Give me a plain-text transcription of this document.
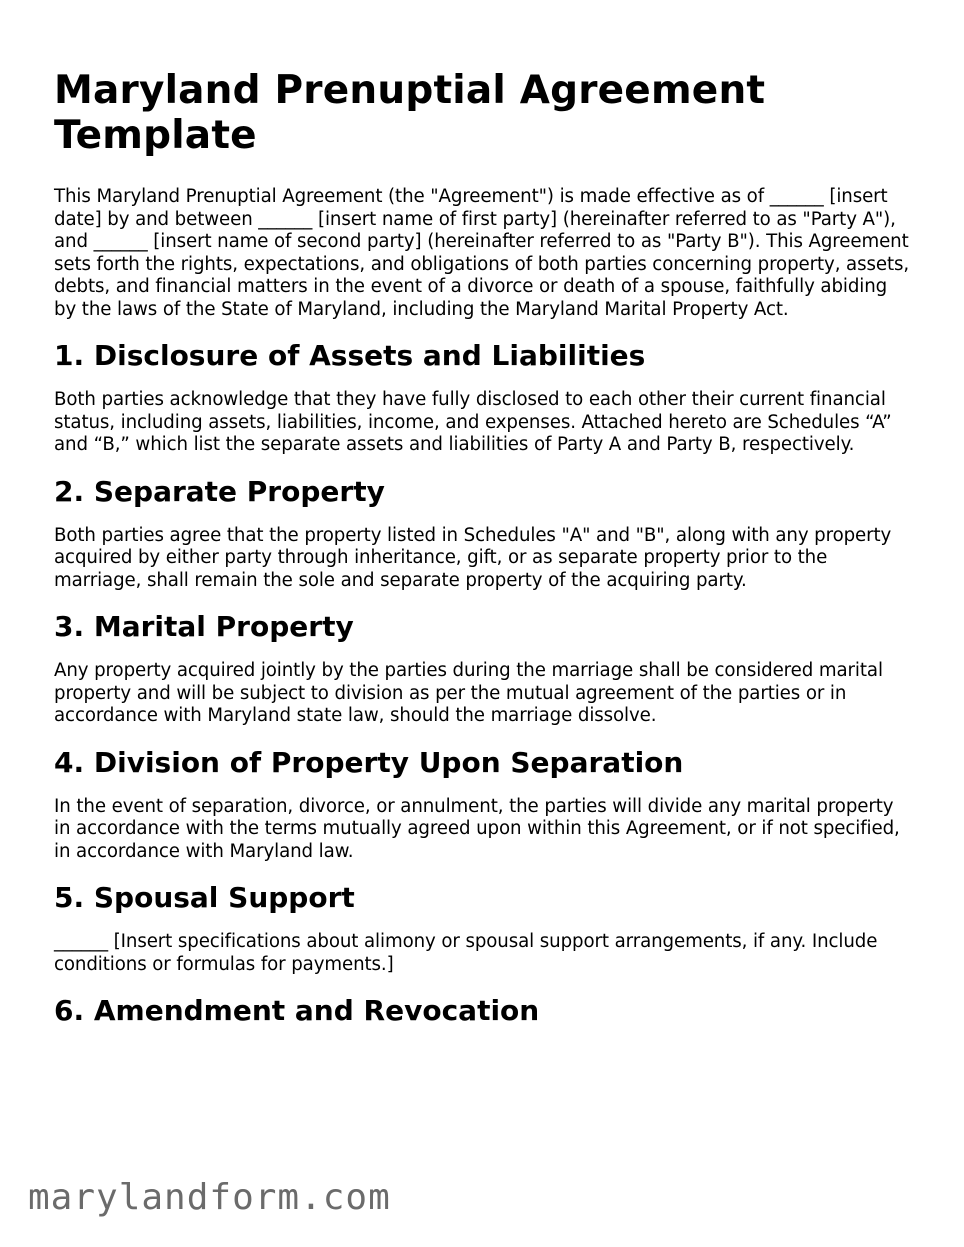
Maryland Prenuptial Agreement Template

This Maryland Prenuptial Agreement (the "Agreement") is made effective as of ______ [insert date] by and between ______ [insert name of first party] (hereinafter referred to as "Party A"), and ______ [insert name of second party] (hereinafter referred to as "Party B"). This Agreement sets forth the rights, expectations, and obligations of both parties concerning property, assets, debts, and financial matters in the event of a divorce or death of a spouse, faithfully abiding by the laws of the State of Maryland, including the Maryland Marital Property Act.

1. Disclosure of Assets and Liabilities

Both parties acknowledge that they have fully disclosed to each other their current financial status, including assets, liabilities, income, and expenses. Attached hereto are Schedules “A” and “B,” which list the separate assets and liabilities of Party A and Party B, respectively.

2. Separate Property

Both parties agree that the property listed in Schedules "A" and "B", along with any property acquired by either party through inheritance, gift, or as separate property prior to the marriage, shall remain the sole and separate property of the acquiring party.

3. Marital Property

Any property acquired jointly by the parties during the marriage shall be considered marital property and will be subject to division as per the mutual agreement of the parties or in accordance with Maryland state law, should the marriage dissolve.

4. Division of Property Upon Separation

In the event of separation, divorce, or annulment, the parties will divide any marital property in accordance with the terms mutually agreed upon within this Agreement, or if not specified, in accordance with Maryland law.

5. Spousal Support

______ [Insert specifications about alimony or spousal support arrangements, if any. Include conditions or formulas for payments.]

6. Amendment and Revocation
marylandform.com
